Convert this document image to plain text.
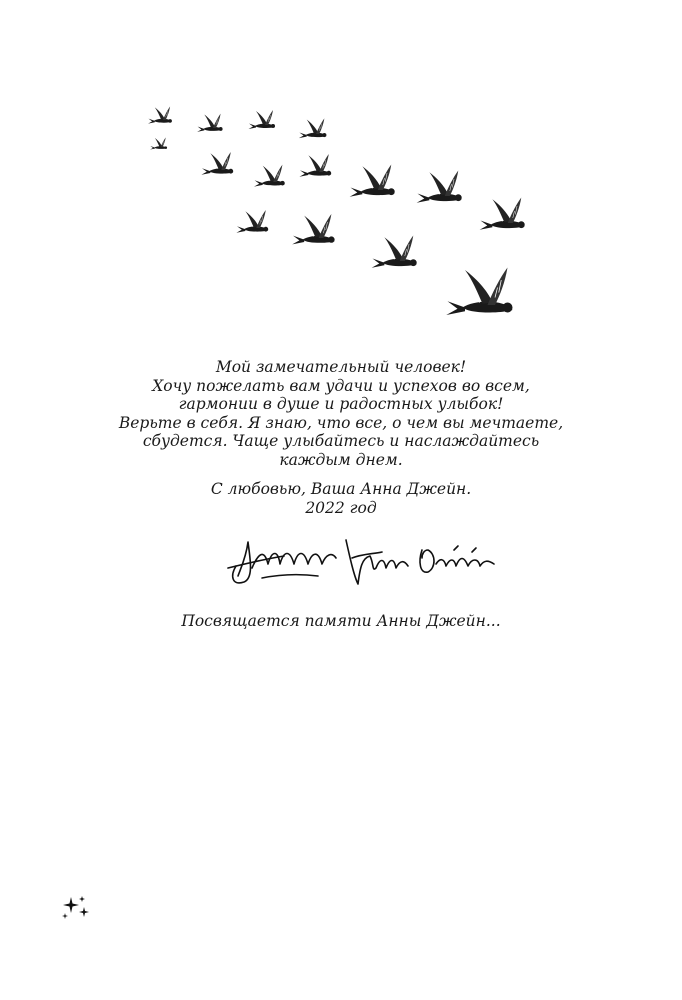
Мой замечательный человек!
Хочу пожелать вам удачи и успехов во всем,
гармонии в душе и радостных улыбок!
Верьте в себя. Я знаю, что все, о чем вы мечтаете,
сбудется. Чаще улыбайтесь и наслаждайтесь
каждым днем.
С любовью, Ваша Анна Джейн.
2022 год
Посвящается памяти Анны Джейн...
